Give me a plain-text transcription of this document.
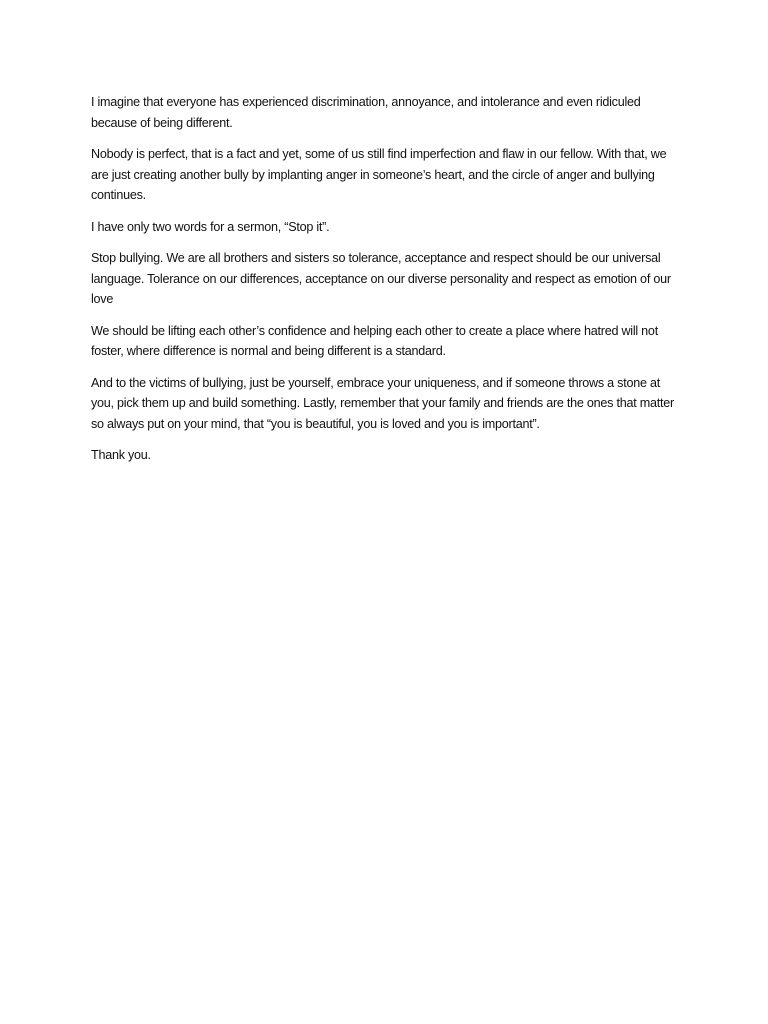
I imagine that everyone has experienced discrimination, annoyance, and intolerance and even ridiculed because of being different.

Nobody is perfect, that is a fact and yet, some of us still find imperfection and flaw in our fellow. With that, we are just creating another bully by implanting anger in someone’s heart, and the circle of anger and bullying continues.

I have only two words for a sermon, “Stop it”.

Stop bullying. We are all brothers and sisters so tolerance, acceptance and respect should be our universal language. Tolerance on our differences, acceptance on our diverse personality and respect as emotion of our love

We should be lifting each other’s confidence and helping each other to create a place where hatred will not foster, where difference is normal and being different is a standard.

And to the victims of bullying, just be yourself, embrace your uniqueness, and if someone throws a stone at you, pick them up and build something. Lastly, remember that your family and friends are the ones that matter so always put on your mind, that “you is beautiful, you is loved and you is important”.

Thank you.
